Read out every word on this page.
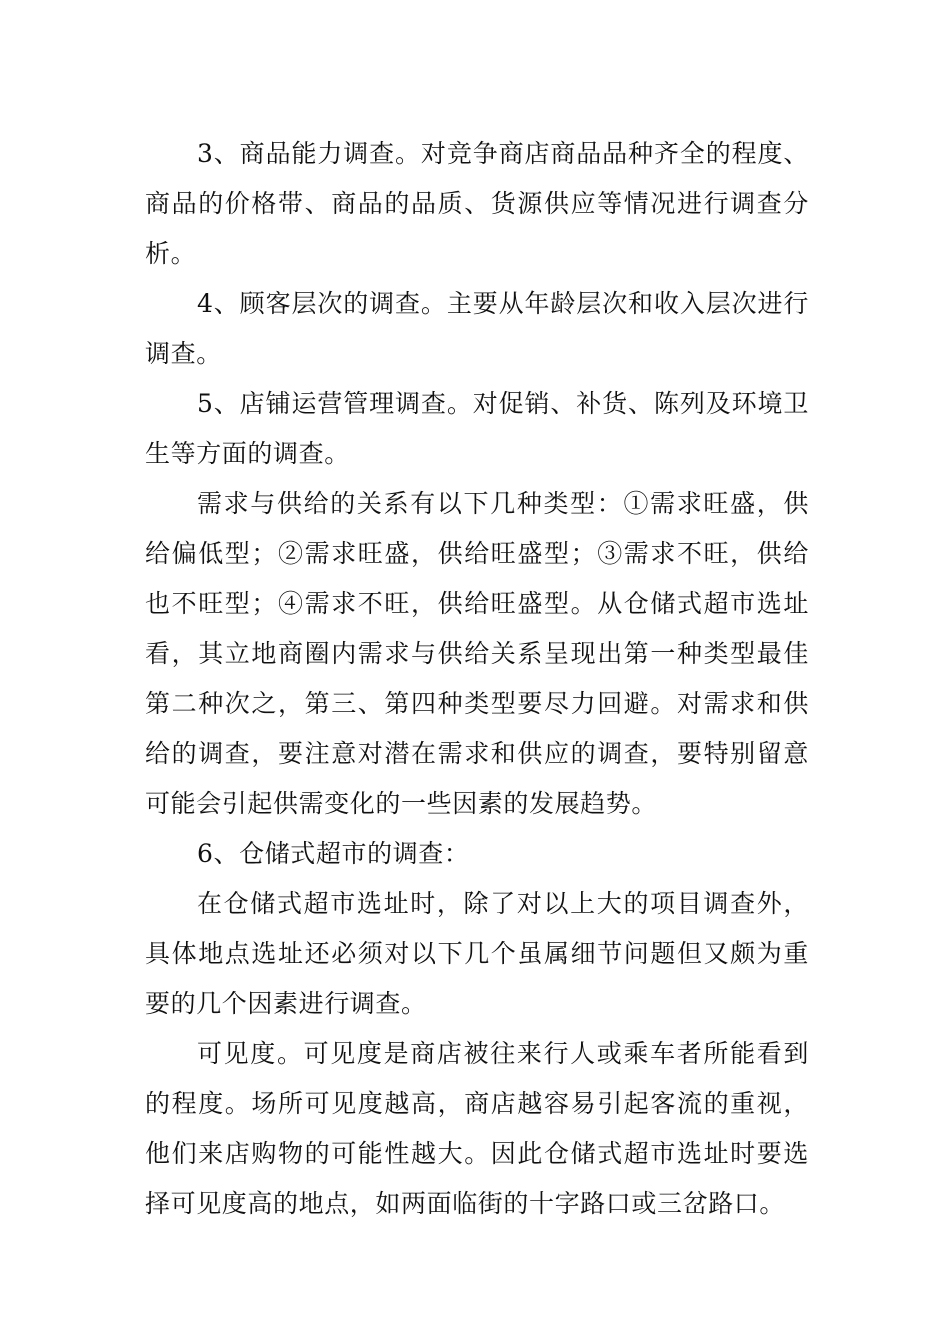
3、商品能力调查。对竞争商店商品品种齐全的程度、商品的价格带、商品的品质、货源供应等情况进行调查分析。

4、顾客层次的调查。主要从年龄层次和收入层次进行调查。

5、店铺运营管理调查。对促销、补货、陈列及环境卫生等方面的调查。

需求与供给的关系有以下几种类型：①需求旺盛，供给偏低型；②需求旺盛，供给旺盛型；③需求不旺，供给也不旺型；④需求不旺，供给旺盛型。从仓储式超市选址看，其立地商圈内需求与供给关系呈现出第一种类型最佳第二种次之，第三、第四种类型要尽力回避。对需求和供给的调查，要注意对潜在需求和供应的调查，要特别留意可能会引起供需变化的一些因素的发展趋势。

6、仓储式超市的调查：

在仓储式超市选址时，除了对以上大的项目调查外，具体地点选址还必须对以下几个虽属细节问题但又颇为重要的几个因素进行调查。

可见度。可见度是商店被往来行人或乘车者所能看到的程度。场所可见度越高，商店越容易引起客流的重视，他们来店购物的可能性越大。因此仓储式超市选址时要选择可见度高的地点，如两面临街的十字路口或三岔路口。
